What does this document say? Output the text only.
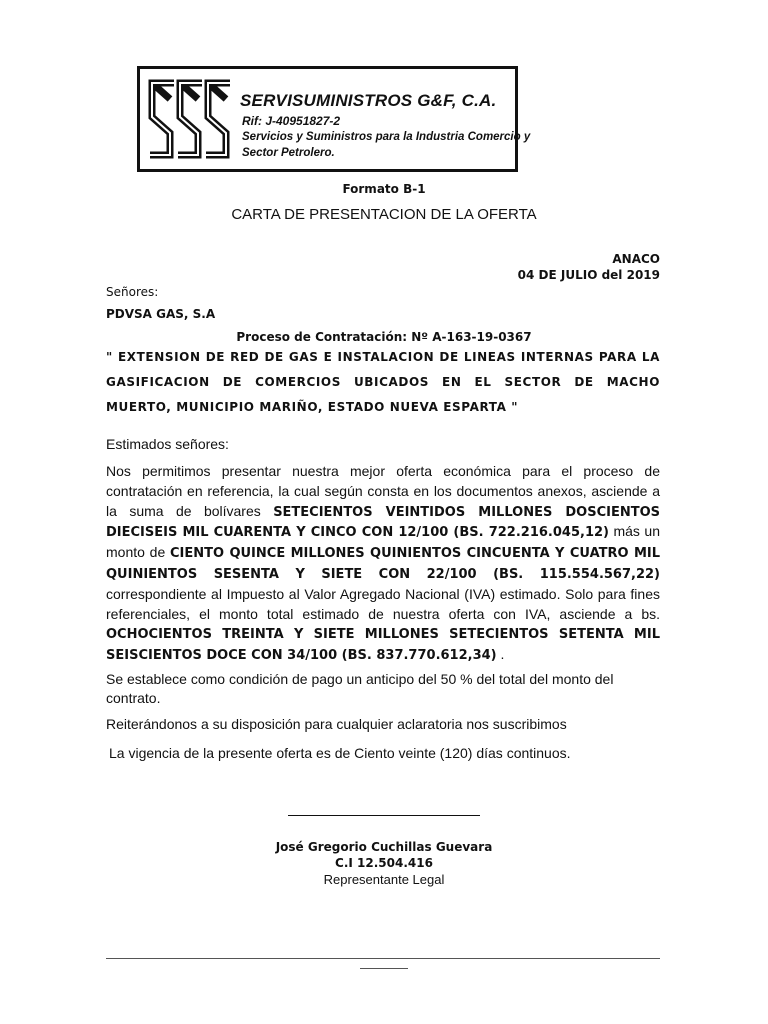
SERVISUMINISTROS G&F, C.A.
Rif: J-40951827-2
Servicios y Suministros para la Industria Comercio y
Sector Petrolero.
Formato B-1
CARTA DE PRESENTACION DE LA OFERTA
ANACO
04 DE JULIO del 2019
Señores:
PDVSA GAS, S.A
Proceso de Contratación: Nº A-163-19-0367
" EXTENSION DE RED DE GAS E INSTALACION DE LINEAS INTERNAS PARA LA GASIFICACION DE COMERCIOS UBICADOS EN EL SECTOR DE MACHO MUERTO, MUNICIPIO MARIÑO, ESTADO NUEVA ESPARTA "
Estimados señores:
Nos permitimos presentar nuestra mejor oferta económica para el proceso de contratación en referencia, la cual según consta en los documentos anexos, asciende a la suma de bolívares SETECIENTOS VEINTIDOS MILLONES DOSCIENTOS DIECISEIS MIL CUARENTA Y CINCO CON 12/100 (BS. 722.216.045,12) más un monto de CIENTO QUINCE MILLONES QUINIENTOS CINCUENTA Y CUATRO MIL QUINIENTOS SESENTA Y SIETE CON 22/100 (BS. 115.554.567,22) correspondiente al Impuesto al Valor Agregado Nacional (IVA) estimado. Solo para fines referenciales, el monto total estimado de nuestra oferta con IVA, asciende a bs. OCHOCIENTOS TREINTA Y SIETE MILLONES SETECIENTOS SETENTA MIL SEISCIENTOS DOCE CON 34/100 (BS. 837.770.612,34) .
Se establece como condición de pago un anticipo del 50 % del total del monto del contrato.
Reiterándonos a su disposición para cualquier aclaratoria nos suscribimos
La vigencia de la presente oferta es de Ciento veinte (120) días continuos.
José Gregorio Cuchillas Guevara
C.I 12.504.416
Representante Legal
